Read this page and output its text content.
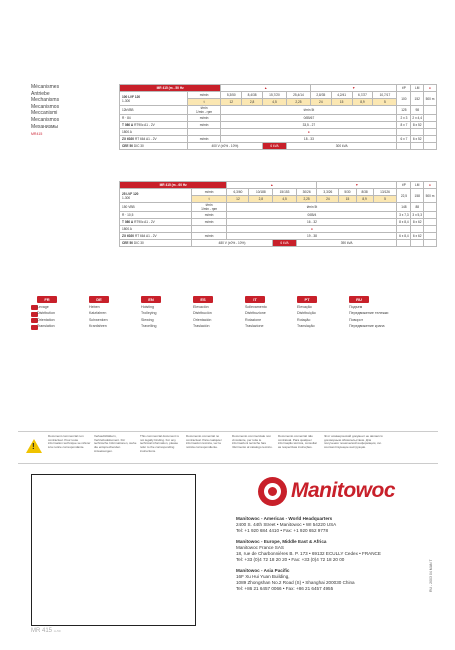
Mécanismes
Antriebe
Mechanisms
Mecanismos
Meccanismi
Mecanismos
Механизмы
MR415
MR 415 (m - 50 Hz		▲				▼				t/P	LM	●
100 LVF 120
1-300	m/min	5,3/50	8,4/38	15,7/20	25,4/14	2,8/35	4,2/41	6,7/27	10,7/17	100	152	500 m
	t	12	2,8	4,5	2,25	24	15	8,9	5			
12kVBB	t/min
1/min - rpm	t/min 5t								125	98	
R · 84	m/min	0/85/67								2 x 3	2 x 4,4	
T 080 A RT90c A1 - 2V	m/min	33,5 - 27								8 x 7	8 x 52	
1800 A		●										
ZX 6020 RT 664 A1 - 2V	m/min	18 - 33								6 x 7	6 x 52	
CEE 50 DIC 30	400 V (±0% - 10%)			6 kVA	300 kVA							
MR 415 (m - 60 Hz		▲				▼				t/P	LM	●
25 LVF 120
1-300	m/min	6,3/60	10/188	15/153	30/26	3,3/26	5/30	8/38	13/126	22,5	158	500 m
	t	12	2,8	4,5	2,25	24	15	8,9	5			
150 VBB	t/min
1/min - rpm	t/min 5t								148	88	
R · 10,5	m/min	0/85/4								3 x 7,3	3 x 5,3	
T 080 A RT90c A1 - 2V	m/min	16 - 32								8 x 8,4	8 x 62	
1800 A		●										
ZX 6020 RT 664 A1 - 2V	m/min	19 - 38								6 x 8,4	6 x 62	
CEE 50 DIC 30	480 V (±0% - 10%)			6 kVA	390 kVA							
FR
Levage
Distribution
Orientation
Translation
DE
Heben
Katzfahren
Schwenken
Kranfahren
EN
Hoisting
Trolleying
Slewing
Travelling
ES
Elevación
Distribución
Orientación
Traslación
IT
Sollevamento
Distribuzione
Rotazione
Traslazione
PT
Elevação
Distribuição
Rotação
Translação
RU
Подъем
Передвижение тележки
Поворот
Передвижение крана
!
Document commercial non contractuel. Pour toute information technique se référer à la notice correspondante.
Verkaufsblättern, Vertriebsdokument. Für technische Informationen, siehe die entsprechenden Anweisungen.
This commercial document is not legally binding. For any technical information, please refer to the corresponding instructions.
Documento comercial no contractual. Para cualquier información técnica, ver la noticia correspondiente.
Documento commerciale non vincolante, per tutte le informazioni tecniche fare riferimento al catalogo tecnico.
Documento comercial não contratual. Para qualquer informação técnica, consultar as respectivas instruções.
Этот коммерческий документ не является договорным обязательством. Для получения технической информации, см. соответствующие инструкции.
MR 415 m-50
Manitowoc
Manitowoc - Americas - World Headquarters
2400 S. 44th Street • Manitowoc • WI 54220 USA
Tel: +1 920 684 4410 • Fax: +1 920 652 9778
Manitowoc - Europe, Middle East & Africa
Manitowoc France SAS
18, rue de Charbonnières B. P. 173 • 69132 ECULLY Cedex • FRANCE
Tel: +33 (0)4 72 18 20 20 • Fax: +33 (0)4 72 18 20 00
Manitowoc - Asia Pacific
16F Xu Hui Yuan Building,
1089 Zhongshan No.2 Road (S) • Shanghai 200030 China
Tel: +86 21 6457 0066 • Fax: +86 21 6457 4955	RU - 2003 04 MAN T
